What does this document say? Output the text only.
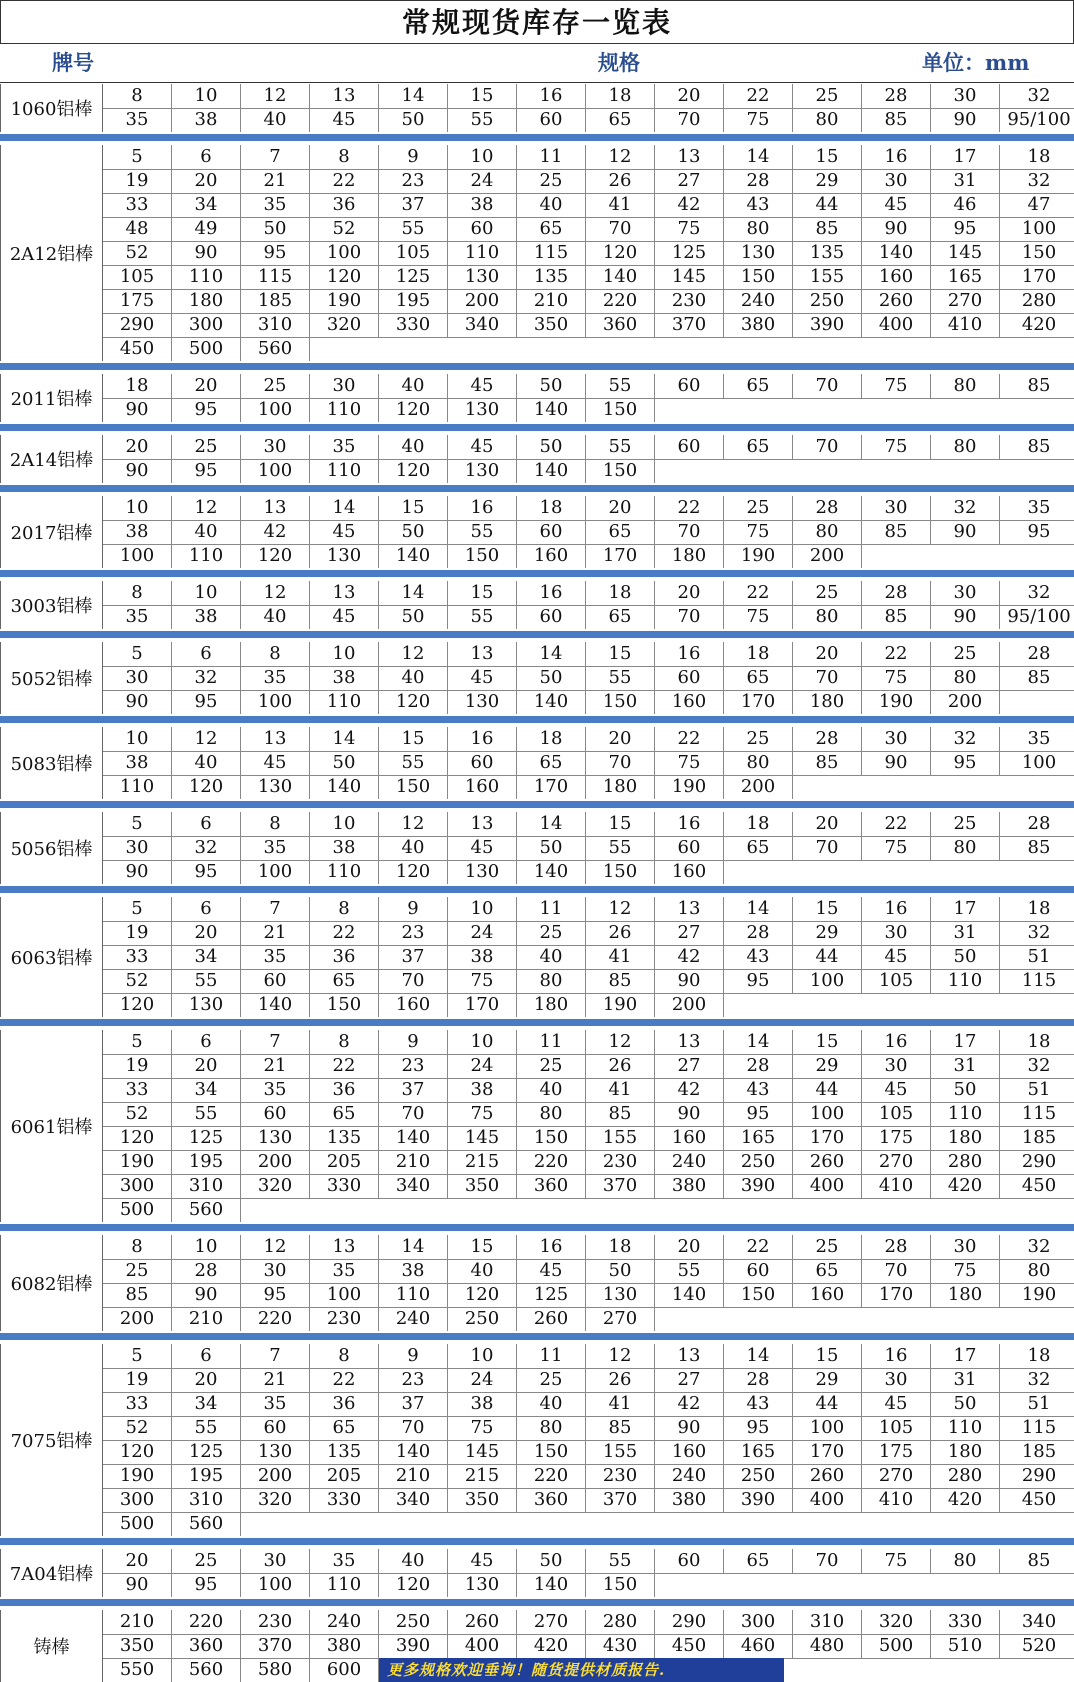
常规现货库存一览表
牌号	规格	单位：mm
1060铝棒
8	10	12	13	14	15	16	18	20	22	25	28	30	32
35	38	40	45	50	55	60	65	70	75	80	85	90	95/100
2A12铝棒
5	6	7	8	9	10	11	12	13	14	15	16	17	18
19	20	21	22	23	24	25	26	27	28	29	30	31	32
33	34	35	36	37	38	40	41	42	43	44	45	46	47
48	49	50	52	55	60	65	70	75	80	85	90	95	100
52	90	95	100	105	110	115	120	125	130	135	140	145	150
105	110	115	120	125	130	135	140	145	150	155	160	165	170
175	180	185	190	195	200	210	220	230	240	250	260	270	280
290	300	310	320	330	340	350	360	370	380	390	400	410	420
450	500	560
2011铝棒
18	20	25	30	40	45	50	55	60	65	70	75	80	85
90	95	100	110	120	130	140	150
2A14铝棒
20	25	30	35	40	45	50	55	60	65	70	75	80	85
90	95	100	110	120	130	140	150
2017铝棒
10	12	13	14	15	16	18	20	22	25	28	30	32	35
38	40	42	45	50	55	60	65	70	75	80	85	90	95
100	110	120	130	140	150	160	170	180	190	200
3003铝棒
8	10	12	13	14	15	16	18	20	22	25	28	30	32
35	38	40	45	50	55	60	65	70	75	80	85	90	95/100
5052铝棒
5	6	8	10	12	13	14	15	16	18	20	22	25	28
30	32	35	38	40	45	50	55	60	65	70	75	80	85
90	95	100	110	120	130	140	150	160	170	180	190	200
5083铝棒
10	12	13	14	15	16	18	20	22	25	28	30	32	35
38	40	45	50	55	60	65	70	75	80	85	90	95	100
110	120	130	140	150	160	170	180	190	200
5056铝棒
5	6	8	10	12	13	14	15	16	18	20	22	25	28
30	32	35	38	40	45	50	55	60	65	70	75	80	85
90	95	100	110	120	130	140	150	160
6063铝棒
5	6	7	8	9	10	11	12	13	14	15	16	17	18
19	20	21	22	23	24	25	26	27	28	29	30	31	32
33	34	35	36	37	38	40	41	42	43	44	45	50	51
52	55	60	65	70	75	80	85	90	95	100	105	110	115
120	130	140	150	160	170	180	190	200
6061铝棒
5	6	7	8	9	10	11	12	13	14	15	16	17	18
19	20	21	22	23	24	25	26	27	28	29	30	31	32
33	34	35	36	37	38	40	41	42	43	44	45	50	51
52	55	60	65	70	75	80	85	90	95	100	105	110	115
120	125	130	135	140	145	150	155	160	165	170	175	180	185
190	195	200	205	210	215	220	230	240	250	260	270	280	290
300	310	320	330	340	350	360	370	380	390	400	410	420	450
500	560
6082铝棒
8	10	12	13	14	15	16	18	20	22	25	28	30	32
25	28	30	35	38	40	45	50	55	60	65	70	75	80
85	90	95	100	110	120	125	130	140	150	160	170	180	190
200	210	220	230	240	250	260	270
7075铝棒
5	6	7	8	9	10	11	12	13	14	15	16	17	18
19	20	21	22	23	24	25	26	27	28	29	30	31	32
33	34	35	36	37	38	40	41	42	43	44	45	50	51
52	55	60	65	70	75	80	85	90	95	100	105	110	115
120	125	130	135	140	145	150	155	160	165	170	175	180	185
190	195	200	205	210	215	220	230	240	250	260	270	280	290
300	310	320	330	340	350	360	370	380	390	400	410	420	450
500	560
7A04铝棒
20	25	30	35	40	45	50	55	60	65	70	75	80	85
90	95	100	110	120	130	140	150
铸棒
210	220	230	240	250	260	270	280	290	300	310	320	330	340
350	360	370	380	390	400	420	430	450	460	480	500	510	520
550	560	580	600	更多规格欢迎垂询！随货提供材质报告.
